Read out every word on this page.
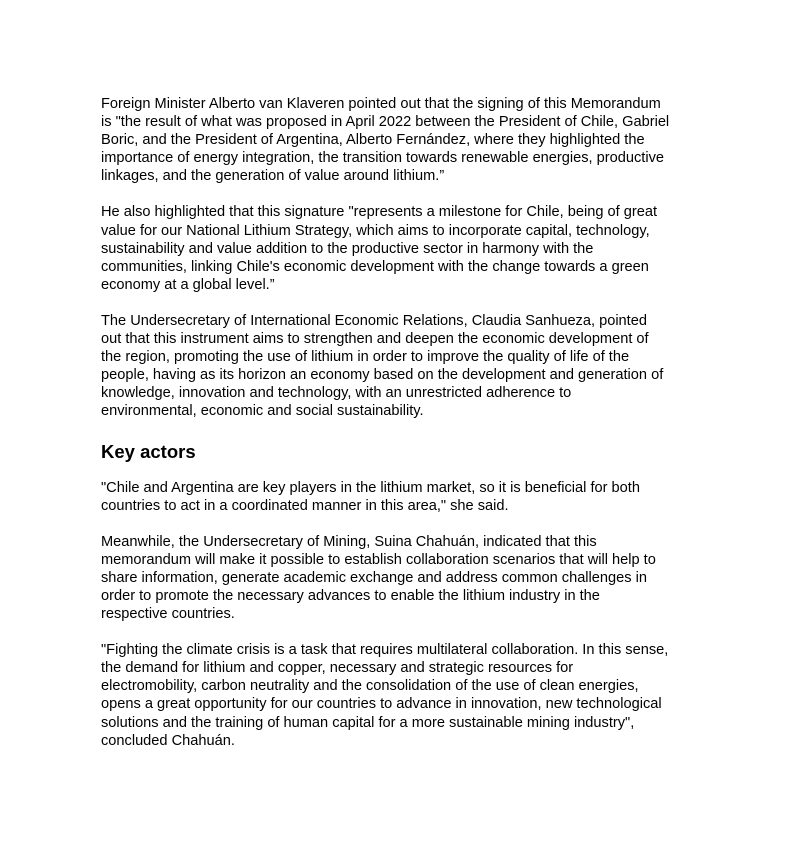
Foreign Minister Alberto van Klaveren pointed out that the signing of this Memorandum
is "the result of what was proposed in April 2022 between the President of Chile, Gabriel
Boric, and the President of Argentina, Alberto Fernández, where they highlighted the
importance of energy integration, the transition towards renewable energies, productive
linkages, and the generation of value around lithium.”

He also highlighted that this signature "represents a milestone for Chile, being of great
value for our National Lithium Strategy, which aims to incorporate capital, technology,
sustainability and value addition to the productive sector in harmony with the
communities, linking Chile's economic development with the change towards a green
economy at a global level.”

The Undersecretary of International Economic Relations, Claudia Sanhueza, pointed
out that this instrument aims to strengthen and deepen the economic development of
the region, promoting the use of lithium in order to improve the quality of life of the
people, having as its horizon an economy based on the development and generation of
knowledge, innovation and technology, with an unrestricted adherence to
environmental, economic and social sustainability.

Key actors

"Chile and Argentina are key players in the lithium market, so it is beneficial for both
countries to act in a coordinated manner in this area," she said.

Meanwhile, the Undersecretary of Mining, Suina Chahuán, indicated that this
memorandum will make it possible to establish collaboration scenarios that will help to
share information, generate academic exchange and address common challenges in
order to promote the necessary advances to enable the lithium industry in the
respective countries.

"Fighting the climate crisis is a task that requires multilateral collaboration. In this sense,
the demand for lithium and copper, necessary and strategic resources for
electromobility, carbon neutrality and the consolidation of the use of clean energies,
opens a great opportunity for our countries to advance in innovation, new technological
solutions and the training of human capital for a more sustainable mining industry",
concluded Chahuán.
